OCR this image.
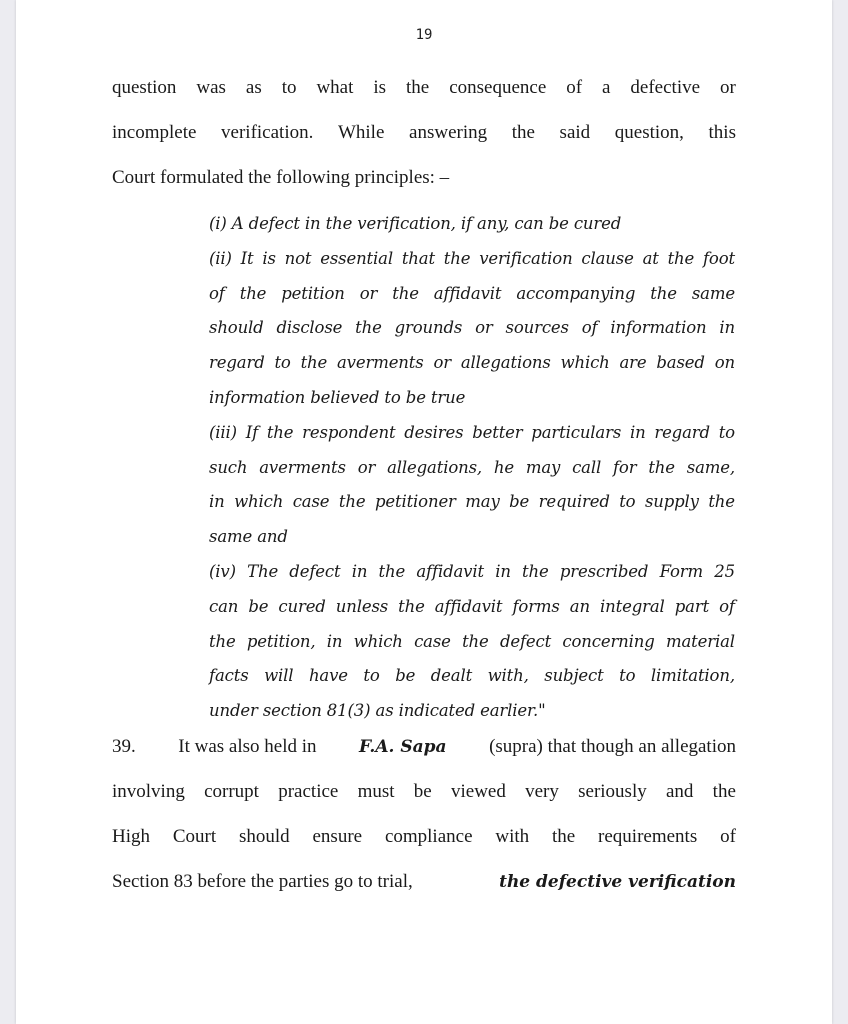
19
question was as to what is the consequence of a defective or
incomplete verification. While answering the said question, this
Court formulated the following principles: –
(i) A defect in the verification, if any, can be cured
(ii) It is not essential that the verification clause at the foot
of the petition or the affidavit accompanying the same
should disclose the grounds or sources of information in
regard to the averments or allegations which are based on
information believed to be true
(iii) If the respondent desires better particulars in regard to
such averments or allegations, he may call for the same,
in which case the petitioner may be required to supply the
same and
(iv) The defect in the affidavit in the prescribed Form 25
can be cured unless the affidavit forms an integral part of
the petition, in which case the defect concerning material
facts will have to be dealt with, subject to limitation,
under section 81(3) as indicated earlier."
39. It was also held in	F.A. Sapa (supra) that though an allegation
involving corrupt practice must be viewed very seriously and the
High Court should ensure compliance with the requirements of
Section 83 before the parties go to trial,	the defective verification
